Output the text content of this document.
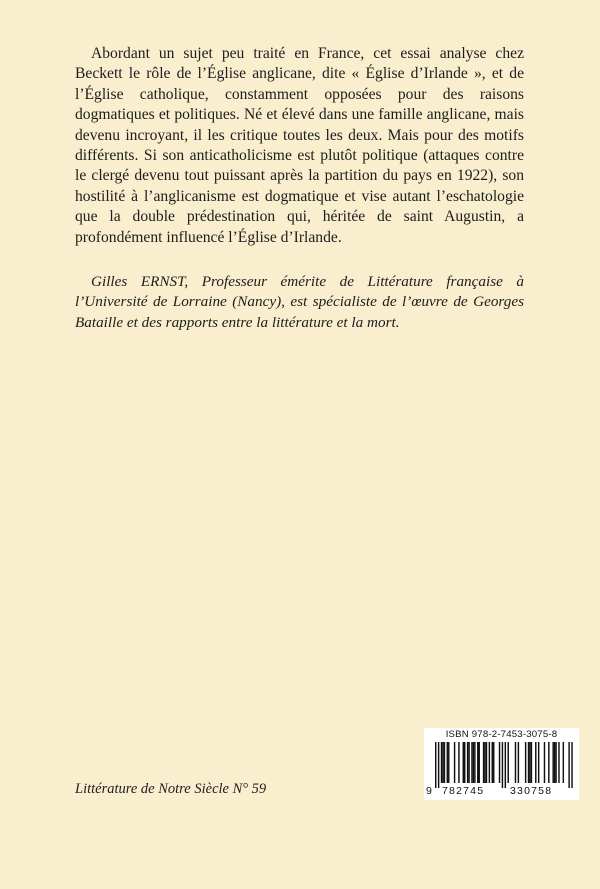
Abordant un sujet peu traité en France, cet essai analyse chez Beckett le rôle de l’Église anglicane, dite « Église d’Irlande », et de l’Église catholique, constamment opposées pour des raisons dogmatiques et politiques. Né et élevé dans une famille anglicane, mais devenu incroyant, il les critique toutes les deux. Mais pour des motifs différents. Si son anticatholicisme est plutôt politique (attaques contre le clergé devenu tout puissant après la partition du pays en 1922), son hostilité à l’anglicanisme est dogmatique et vise autant l’eschatologie que la double prédestination qui, héritée de saint Augustin, a profondément influencé l’Église d’Irlande.

Gilles ERNST, Professeur émérite de Littérature française à l’Université de Lorraine (Nancy), est spécialiste de l’œuvre de Georges Bataille et des rapports entre la littérature et la mort.

Littérature de Notre Siècle N° 59

ISBN 978-2-7453-3075-8
9 782745 330758
